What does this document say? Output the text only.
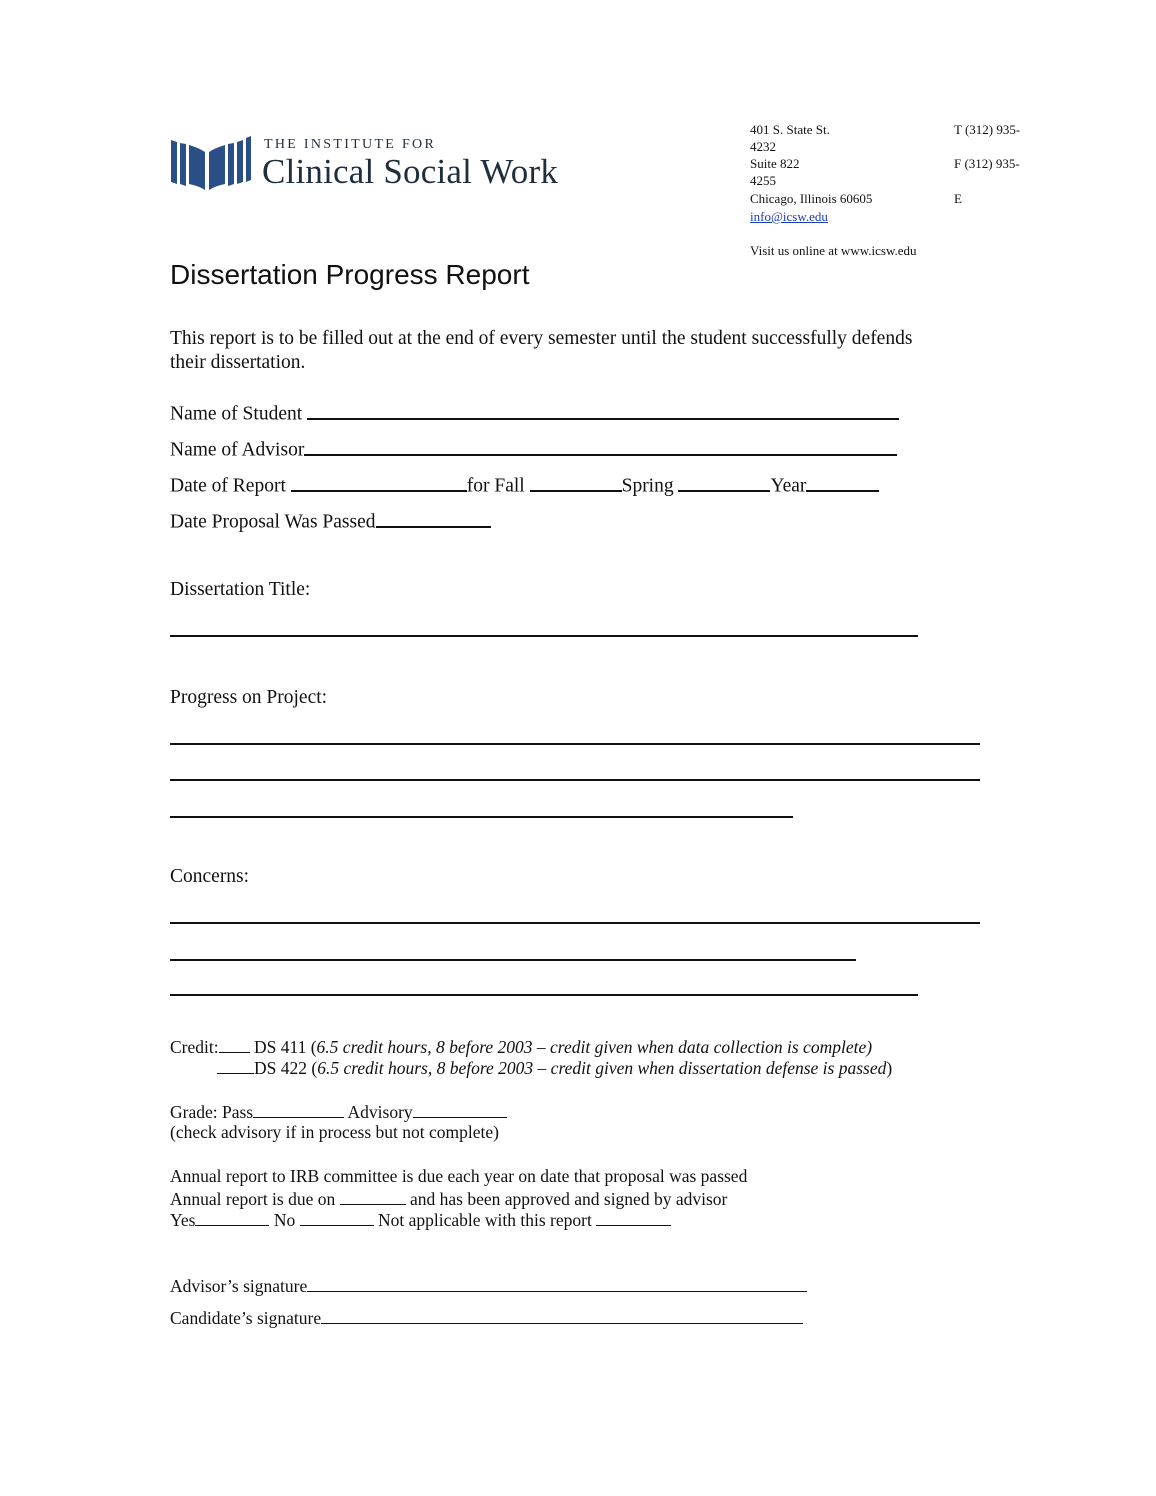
THE INSTITUTE FOR
Clinical Social Work
401 S. State St.	T (312) 935-
4232
Suite 822	F (312) 935-
4255
Chicago, Illinois 60605	E
info@icsw.edu
Visit us online at www.icsw.edu
Dissertation Progress Report
This report is to be filled out at the end of every semester until the student successfully defends
their dissertation.
Name of Student
Name of Advisor
Date of Report	for Fall	Spring	Year
Date Proposal Was Passed
Dissertation Title:
Progress on Project:
Concerns:
Credit: DS 411 (6.5 credit hours, 8 before 2003 – credit given when data collection is complete)
DS 422 (6.5 credit hours, 8 before 2003 – credit given when dissertation defense is passed)
Grade: Pass	Advisory
(check advisory if in process but not complete)
Annual report to IRB committee is due each year on date that proposal was passed
Annual report is due on	and has been approved and signed by advisor
Yes	No	Not applicable with this report
Advisor’s signature
Candidate’s signature
